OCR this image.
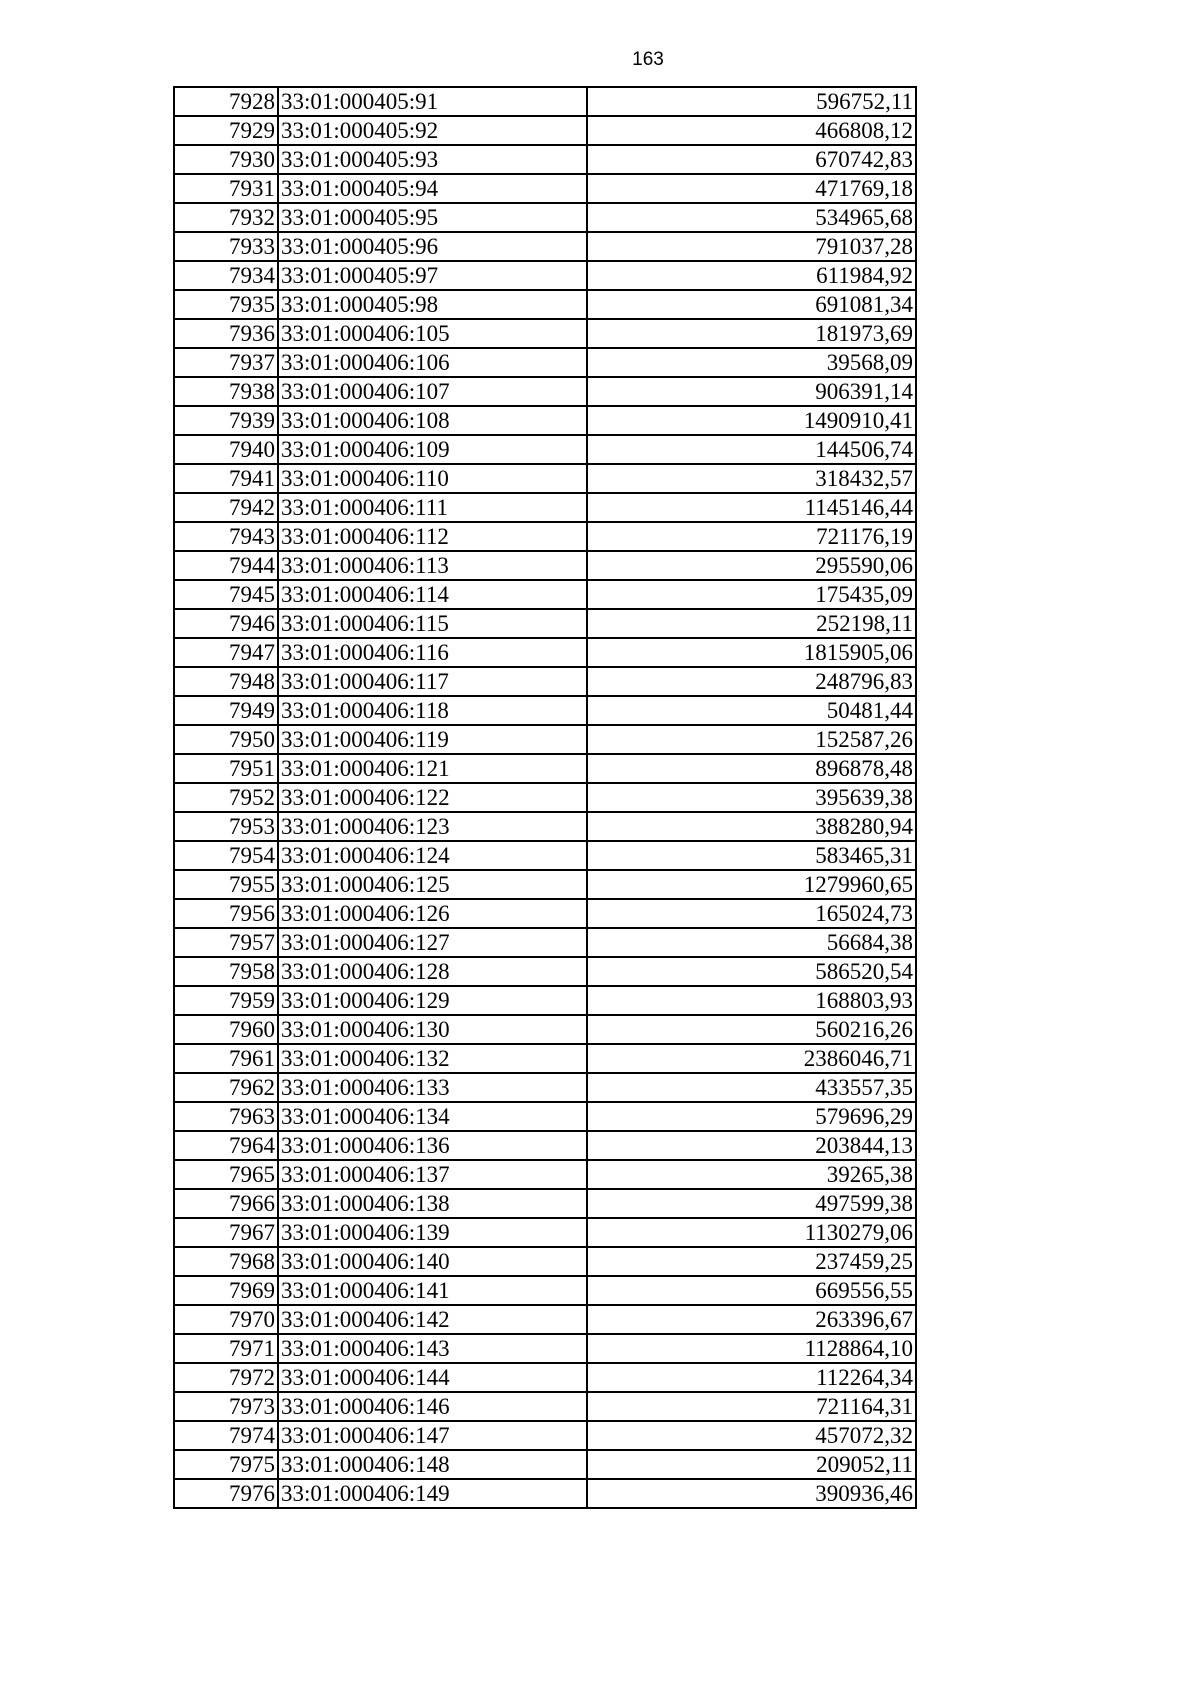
163
7928	33:01:000405:91	596752,11
7929	33:01:000405:92	466808,12
7930	33:01:000405:93	670742,83
7931	33:01:000405:94	471769,18
7932	33:01:000405:95	534965,68
7933	33:01:000405:96	791037,28
7934	33:01:000405:97	611984,92
7935	33:01:000405:98	691081,34
7936	33:01:000406:105	181973,69
7937	33:01:000406:106	39568,09
7938	33:01:000406:107	906391,14
7939	33:01:000406:108	1490910,41
7940	33:01:000406:109	144506,74
7941	33:01:000406:110	318432,57
7942	33:01:000406:111	1145146,44
7943	33:01:000406:112	721176,19
7944	33:01:000406:113	295590,06
7945	33:01:000406:114	175435,09
7946	33:01:000406:115	252198,11
7947	33:01:000406:116	1815905,06
7948	33:01:000406:117	248796,83
7949	33:01:000406:118	50481,44
7950	33:01:000406:119	152587,26
7951	33:01:000406:121	896878,48
7952	33:01:000406:122	395639,38
7953	33:01:000406:123	388280,94
7954	33:01:000406:124	583465,31
7955	33:01:000406:125	1279960,65
7956	33:01:000406:126	165024,73
7957	33:01:000406:127	56684,38
7958	33:01:000406:128	586520,54
7959	33:01:000406:129	168803,93
7960	33:01:000406:130	560216,26
7961	33:01:000406:132	2386046,71
7962	33:01:000406:133	433557,35
7963	33:01:000406:134	579696,29
7964	33:01:000406:136	203844,13
7965	33:01:000406:137	39265,38
7966	33:01:000406:138	497599,38
7967	33:01:000406:139	1130279,06
7968	33:01:000406:140	237459,25
7969	33:01:000406:141	669556,55
7970	33:01:000406:142	263396,67
7971	33:01:000406:143	1128864,10
7972	33:01:000406:144	112264,34
7973	33:01:000406:146	721164,31
7974	33:01:000406:147	457072,32
7975	33:01:000406:148	209052,11
7976	33:01:000406:149	390936,46
